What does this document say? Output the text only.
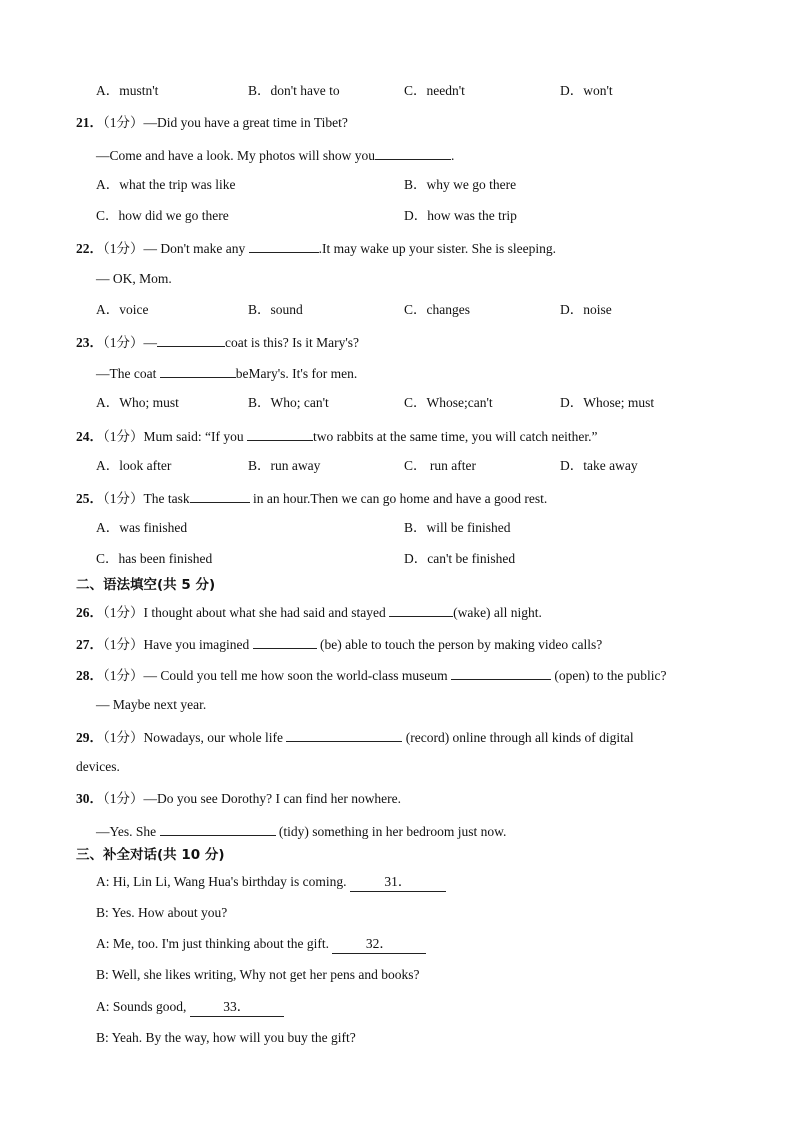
A．mustn't	B．don't have to	C．needn't	D．won't
21．（1分）—Did you have a great time in Tibet?
—Come and have a look. My photos will show you	.
A．what the trip was like	B．why we go there
C．how did we go there	D．how was the trip
22．（1分）— Don't make any	.It may wake up your sister. She is sleeping.
— OK, Mom.
A．voice	B．sound	C．changes	D．noise
23．（1分）—	coat is this? Is it Mary's?
—The coat	beMary's. It's for men.
A．Who; must	B．Who; can't	C．Whose;can't	D．Whose; must
24．（1分）Mum said: “If you	two rabbits at the same time, you will catch neither.”
A．look after	B．run away	C． run after	D．take away
25．（1分）The task	in an hour.Then we can go home and have a good rest.
A．was finished	B．will be finished
C．has been finished	D．can't be finished
二、语法填空(共 5 分)
26．（1分）I thought about what she had said and stayed	(wake) all night.
27．（1分）Have you imagined	(be) able to touch the person by making video calls?
28．（1分）— Could you tell me how soon the world-class museum	(open) to the public?
— Maybe next year.
29．（1分）Nowadays, our whole life	(record) online through all kinds of digital
devices.
30．（1分）—Do you see Dorothy? I can find her nowhere.
—Yes. She	(tidy) something in her bedroom just now.
三、补全对话(共 10 分)
A: Hi, Lin Li, Wang Hua's birthday is coming.	31．
B: Yes. How about you?
A: Me, too. I'm just thinking about the gift. 32．
B: Well, she likes writing, Why not get her pens and books?
A: Sounds good, 33．
B: Yeah. By the way, how will you buy the gift?
